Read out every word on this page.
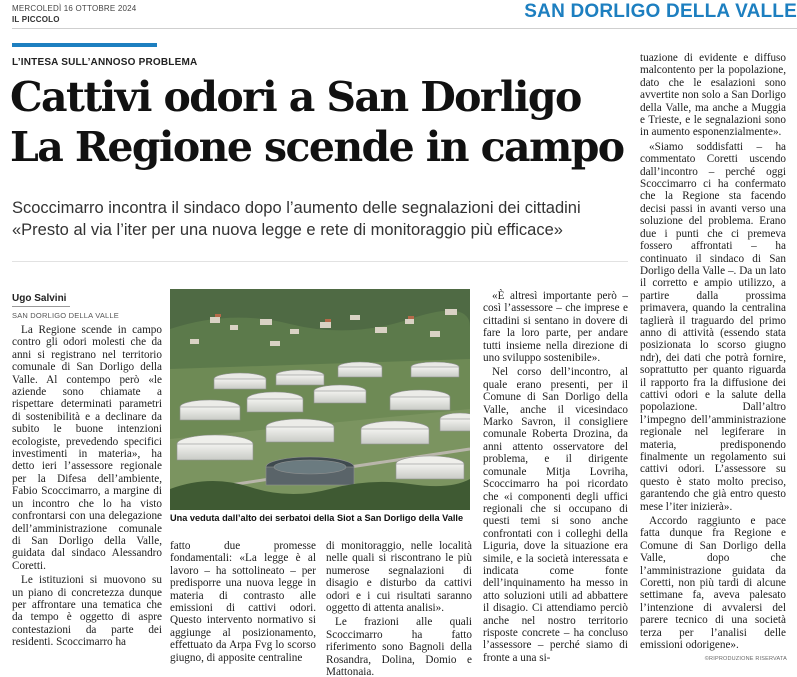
MERCOLEDÌ 16 OTTOBRE 2024
IL PICCOLO	SAN DORLIGO DELLA VALLE
L’INTESA SULL’ANNOSO PROBLEMA
Cattivi odori a San Dorligo
La Regione scende in campo
Scoccimarro incontra il sindaco dopo l’aumento delle segnalazioni dei cittadini
«Presto al via l’iter per una nuova legge e rete di monitoraggio più efficace»
Ugo Salvini
SAN DORLIGO DELLA VALLE

La Regione scende in campo contro gli odori molesti che da anni si registrano nel territorio comunale di San Dorligo della Valle. Al contempo però «le aziende sono chiamate a rispettare determinati parametri di sostenibilità e a declinare da subito le buone intenzioni ecologiste, prevedendo specifici investimenti in materia», ha detto ieri l’assessore regionale per la Difesa dell’ambiente, Fabio Scoccimarro, a margine di un incontro che lo ha visto confrontarsi con una delegazione dell’amministrazione comunale di San Dorligo della Valle, guidata dal sindaco Alessandro Coretti.

Le istituzioni si muovono su un piano di concretezza dunque per affrontare una tematica che da tempo è oggetto di aspre contestazioni da parte dei residenti. Scoccimarro ha

Una veduta dall’alto dei serbatoi della Siot a San Dorligo della Valle

fatto due promesse fondamentali: «La legge è al lavoro – ha sottolineato – per predisporre una nuova legge in materia di contrasto alle emissioni di cattivi odori. Questo intervento normativo si aggiunge al posizionamento, effettuato da Arpa Fvg lo scorso giugno, di apposite centraline

di monitoraggio, nelle località nelle quali si riscontrano le più numerose segnalazioni di disagio e disturbo da cattivi odori e i cui risultati saranno oggetto di attenta analisi».

Le frazioni alle quali Scoccimarro ha fatto riferimento sono Bagnoli della Rosandra, Dolina, Domio e Mattonaia.

«È altresì importante però – così l’assessore – che imprese e cittadini si sentano in dovere di fare la loro parte, per andare tutti insieme nella direzione di uno sviluppo sostenibile».

Nel corso dell’incontro, al quale erano presenti, per il Comune di San Dorligo della Valle, anche il vicesindaco Marko Savron, il consigliere comunale Roberta Drozina, da anni attento osservatore del problema, e il dirigente comunale Mitja Lovriha, Scoccimarro ha poi ricordato che «i componenti degli uffici regionali che si occupano di questi temi si sono anche confrontati con i colleghi della Liguria, dove la situazione era simile, e la società interessata e indicata come fonte dell’inquinamento ha messo in atto soluzioni utili ad abbattere il disagio. Ci attendiamo perciò anche nel nostro territorio risposte concrete – ha concluso l’assessore – perché siamo di fronte a una si-

tuazione di evidente e diffuso malcontento per la popolazione, dato che le esalazioni sono avvertite non solo a San Dorligo della Valle, ma anche a Muggia e Trieste, e le segnalazioni sono in aumento esponenzialmente».

«Siamo soddisfatti – ha commentato Coretti uscendo dall’incontro – perché oggi Scoccimarro ci ha confermato che la Regione sta facendo decisi passi in avanti verso una soluzione del problema. Erano due i punti che ci premeva fossero affrontati – ha continuato il sindaco di San Dorligo della Valle –. Da un lato il corretto e ampio utilizzo, a partire dalla prossima primavera, quando la centralina taglierà il traguardo del primo anno di attività (essendo stata posizionata lo scorso giugno ndr), dei dati che potrà fornire, soprattutto per quanto riguarda il rapporto fra la diffusione dei cattivi odori e la salute della popolazione. Dall’altro l’impegno dell’amministrazione regionale nel legiferare in materia, predisponendo finalmente un regolamento sui cattivi odori. L’assessore su questo è stato molto preciso, garantendo che già entro questo mese l’iter inizierà».

Accordo raggiunto e pace fatta dunque fra Regione e Comune di San Dorligo della Valle, dopo che l’amministrazione guidata da Coretti, non più tardi di alcune settimane fa, aveva palesato l’intenzione di avvalersi del parere tecnico di una società terza per l’analisi delle emissioni odorigene».

©RIPRODUZIONE RISERVATA
